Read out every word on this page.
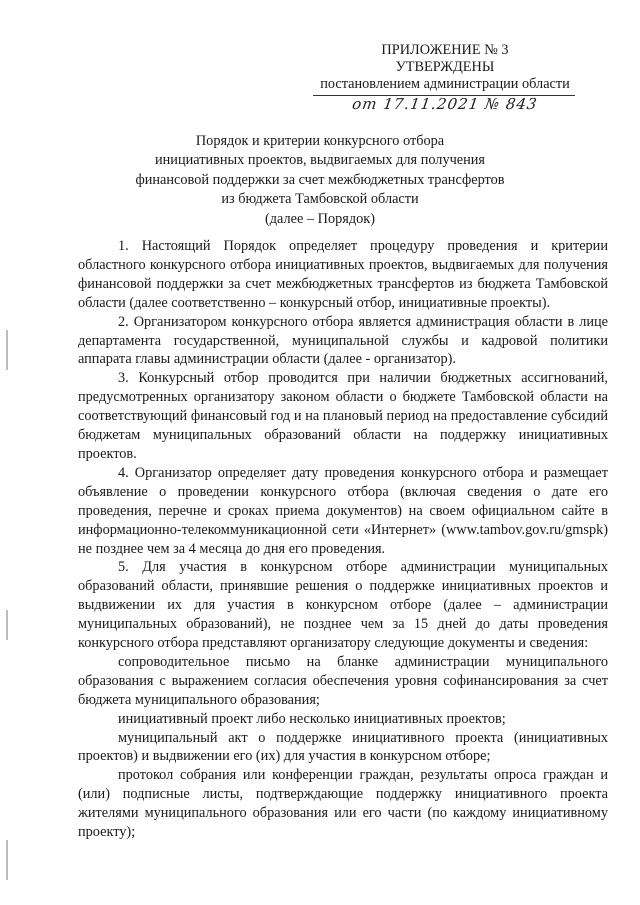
ПРИЛОЖЕНИЕ № 3
УТВЕРЖДЕНЫ
постановлением администрации области
от 17.11.2021 № 843
Порядок и критерии конкурсного отбора
инициативных проектов, выдвигаемых для получения
финансовой поддержки за счет межбюджетных трансфертов
из бюджета Тамбовской области
(далее – Порядок)

1. Настоящий Порядок определяет процедуру проведения и критерии областного конкурсного отбора инициативных проектов, выдвигаемых для получения финансовой поддержки за счет межбюджетных трансфертов из бюджета Тамбовской области (далее соответственно – конкурсный отбор, инициативные проекты).

2. Организатором конкурсного отбора является администрация области в лице департамента государственной, муниципальной службы и кадровой политики аппарата главы администрации области (далее - организатор).

3. Конкурсный отбор проводится при наличии бюджетных ассигнований, предусмотренных организатору законом области о бюджете Тамбовской области на соответствующий финансовый год и на плановый период на предоставление субсидий бюджетам муниципальных образований области на поддержку инициативных проектов.

4. Организатор определяет дату проведения конкурсного отбора и размещает объявление о проведении конкурсного отбора (включая сведения о дате его проведения, перечне и сроках приема документов) на своем официальном сайте в информационно-телекоммуникационной сети «Интернет» (www.tambov.gov.ru/gmspk) не позднее чем за 4 месяца до дня его проведения.

5. Для участия в конкурсном отборе администрации муниципальных образований области, принявшие решения о поддержке инициативных проектов и выдвижении их для участия в конкурсном отборе (далее – администрации муниципальных образований), не позднее чем за 15 дней до даты проведения конкурсного отбора представляют организатору следующие документы и сведения:

сопроводительное письмо на бланке администрации муниципального образования с выражением согласия обеспечения уровня софинансирования за счет бюджета муниципального образования;

инициативный проект либо несколько инициативных проектов;

муниципальный акт о поддержке инициативного проекта (инициативных проектов) и выдвижении его (их) для участия в конкурсном отборе;

протокол собрания или конференции граждан, результаты опроса граждан и (или) подписные листы, подтверждающие поддержку инициативного проекта жителями муниципального образования или его части (по каждому инициативному проекту);
